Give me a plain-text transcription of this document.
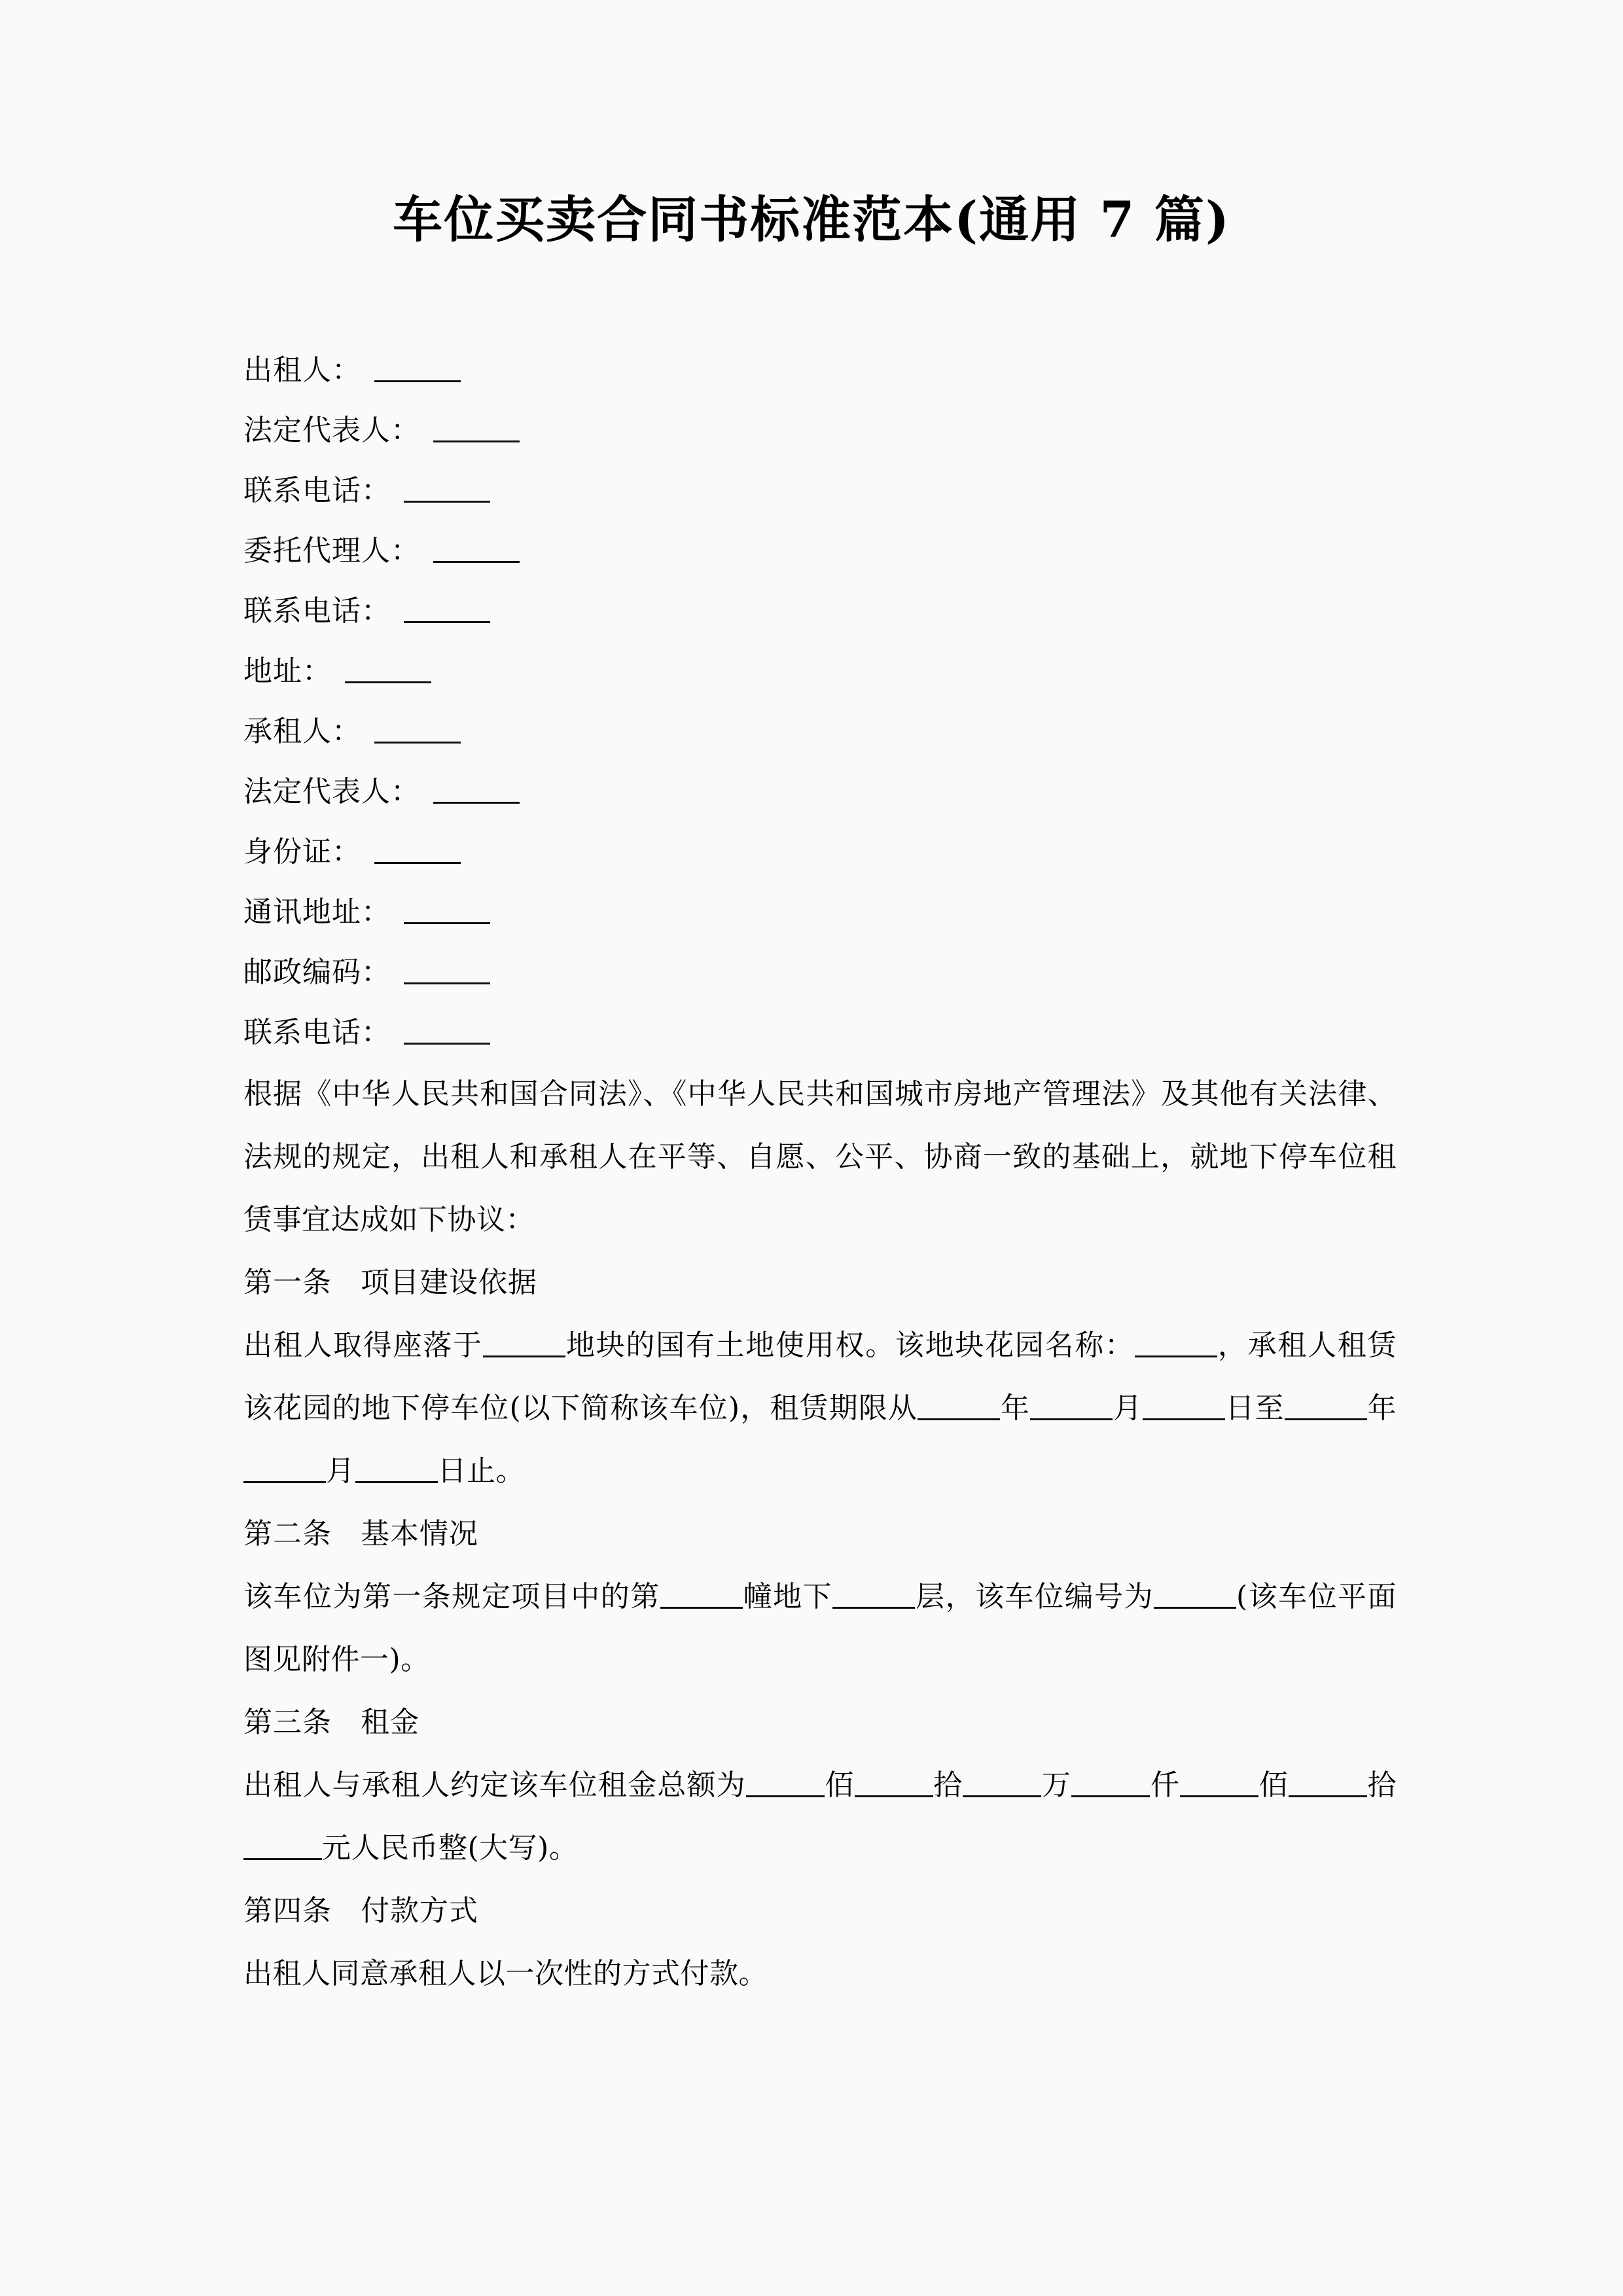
车位买卖合同书标准范本(通用 7 篇)
出租人：
法定代表人：
联系电话：
委托代理人：
联系电话：
地址：
承租人：
法定代表人：
身份证：
通讯地址：
邮政编码：
联系电话：
根据《中华人民共和国合同法》、《中华人民共和国城市房地产管理法》及其他有关法律、法规的规定，出租人和承租人在平等、自愿、公平、协商一致的基础上，就地下停车位租赁事宜达成如下协议：
第一条 项目建设依据
出租人取得座落于	地块的国有土地使用权。该地块花园名称：	，承租人租赁该花园的地下停车位(以下简称该车位)，租赁期限从	年	月	日至	年月	日止。
第二条 基本情况
该车位为第一条规定项目中的第	幢地下	层，该车位编号为	(该车位平面图见附件一)。
第三条 租金
出租人与承租人约定该车位租金总额为	佰	拾	万	仟	佰	拾元人民币整(大写)。
第四条 付款方式
出租人同意承租人以一次性的方式付款。
